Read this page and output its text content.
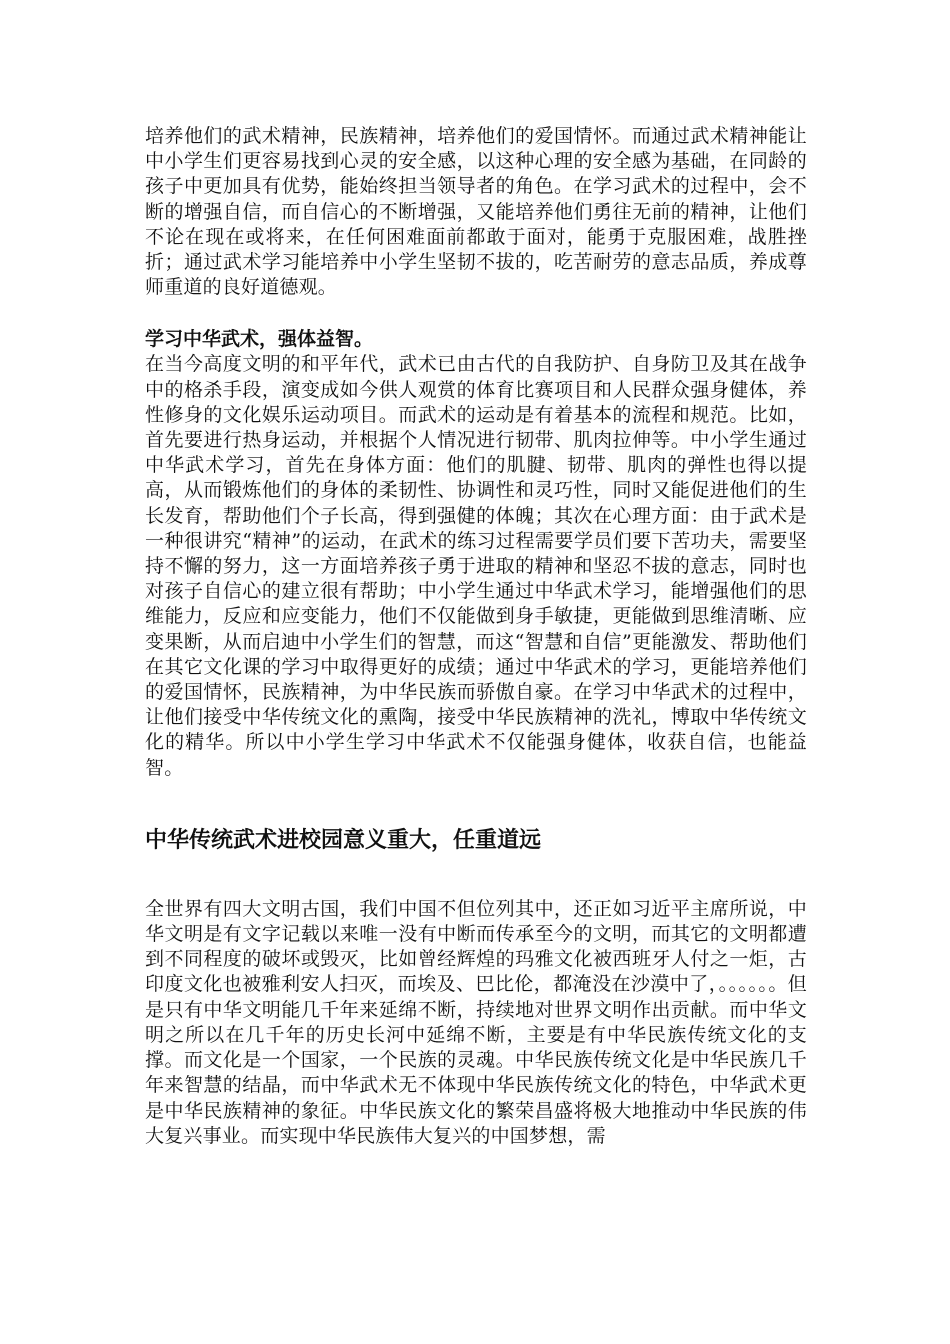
培养他们的武术精神，民族精神，培养他们的爱国情怀。而通过武术精神能让中小学生们更容易找到心灵的安全感，以这种心理的安全感为基础，在同龄的孩子中更加具有优势，能始终担当领导者的角色。在学习武术的过程中，会不断的增强自信，而自信心的不断增强，又能培养他们勇往无前的精神，让他们不论在现在或将来，在任何困难面前都敢于面对，能勇于克服困难，战胜挫折；通过武术学习能培养中小学生坚韧不拔的，吃苦耐劳的意志品质，养成尊师重道的良好道德观。

学习中华武术，强体益智。

在当今高度文明的和平年代，武术已由古代的自我防护、自身防卫及其在战争中的格杀手段，演变成如今供人观赏的体育比赛项目和人民群众强身健体，养性修身的文化娱乐运动项目。而武术的运动是有着基本的流程和规范。比如，首先要进行热身运动，并根据个人情况进行韧带、肌肉拉伸等。中小学生通过中华武术学习，首先在身体方面：他们的肌腱、韧带、肌肉的弹性也得以提高，从而锻炼他们的身体的柔韧性、协调性和灵巧性，同时又能促进他们的生长发育，帮助他们个子长高，得到强健的体魄；其次在心理方面：由于武术是一种很讲究“精神”的运动，在武术的练习过程需要学员们要下苦功夫，需要坚持不懈的努力，这一方面培养孩子勇于进取的精神和坚忍不拔的意志，同时也对孩子自信心的建立很有帮助；中小学生通过中华武术学习，能增强他们的思维能力，反应和应变能力，他们不仅能做到身手敏捷，更能做到思维清晰、应变果断，从而启迪中小学生们的智慧，而这“智慧和自信”更能激发、帮助他们在其它文化课的学习中取得更好的成绩；通过中华武术的学习，更能培养他们的爱国情怀，民族精神，为中华民族而骄傲自豪。在学习中华武术的过程中，让他们接受中华传统文化的熏陶，接受中华民族精神的洗礼，博取中华传统文化的精华。所以中小学生学习中华武术不仅能强身健体，收获自信，也能益智。

中华传统武术进校园意义重大，任重道远

全世界有四大文明古国，我们中国不但位列其中，还正如习近平主席所说，中华文明是有文字记载以来唯一没有中断而传承至今的文明，而其它的文明都遭到不同程度的破坏或毁灭，比如曾经辉煌的玛雅文化被西班牙人付之一炬，古印度文化也被雅利安人扫灭，而埃及、巴比伦，都淹没在沙漠中了，。。。。。。但是只有中华文明能几千年来延绵不断，持续地对世界文明作出贡献。而中华文明之所以在几千年的历史长河中延绵不断，主要是有中华民族传统文化的支撑。而文化是一个国家，一个民族的灵魂。中华民族传统文化是中华民族几千年来智慧的结晶，而中华武术无不体现中华民族传统文化的特色，中华武术更是中华民族精神的象征。中华民族文化的繁荣昌盛将极大地推动中华民族的伟大复兴事业。而实现中华民族伟大复兴的中国梦想，需
